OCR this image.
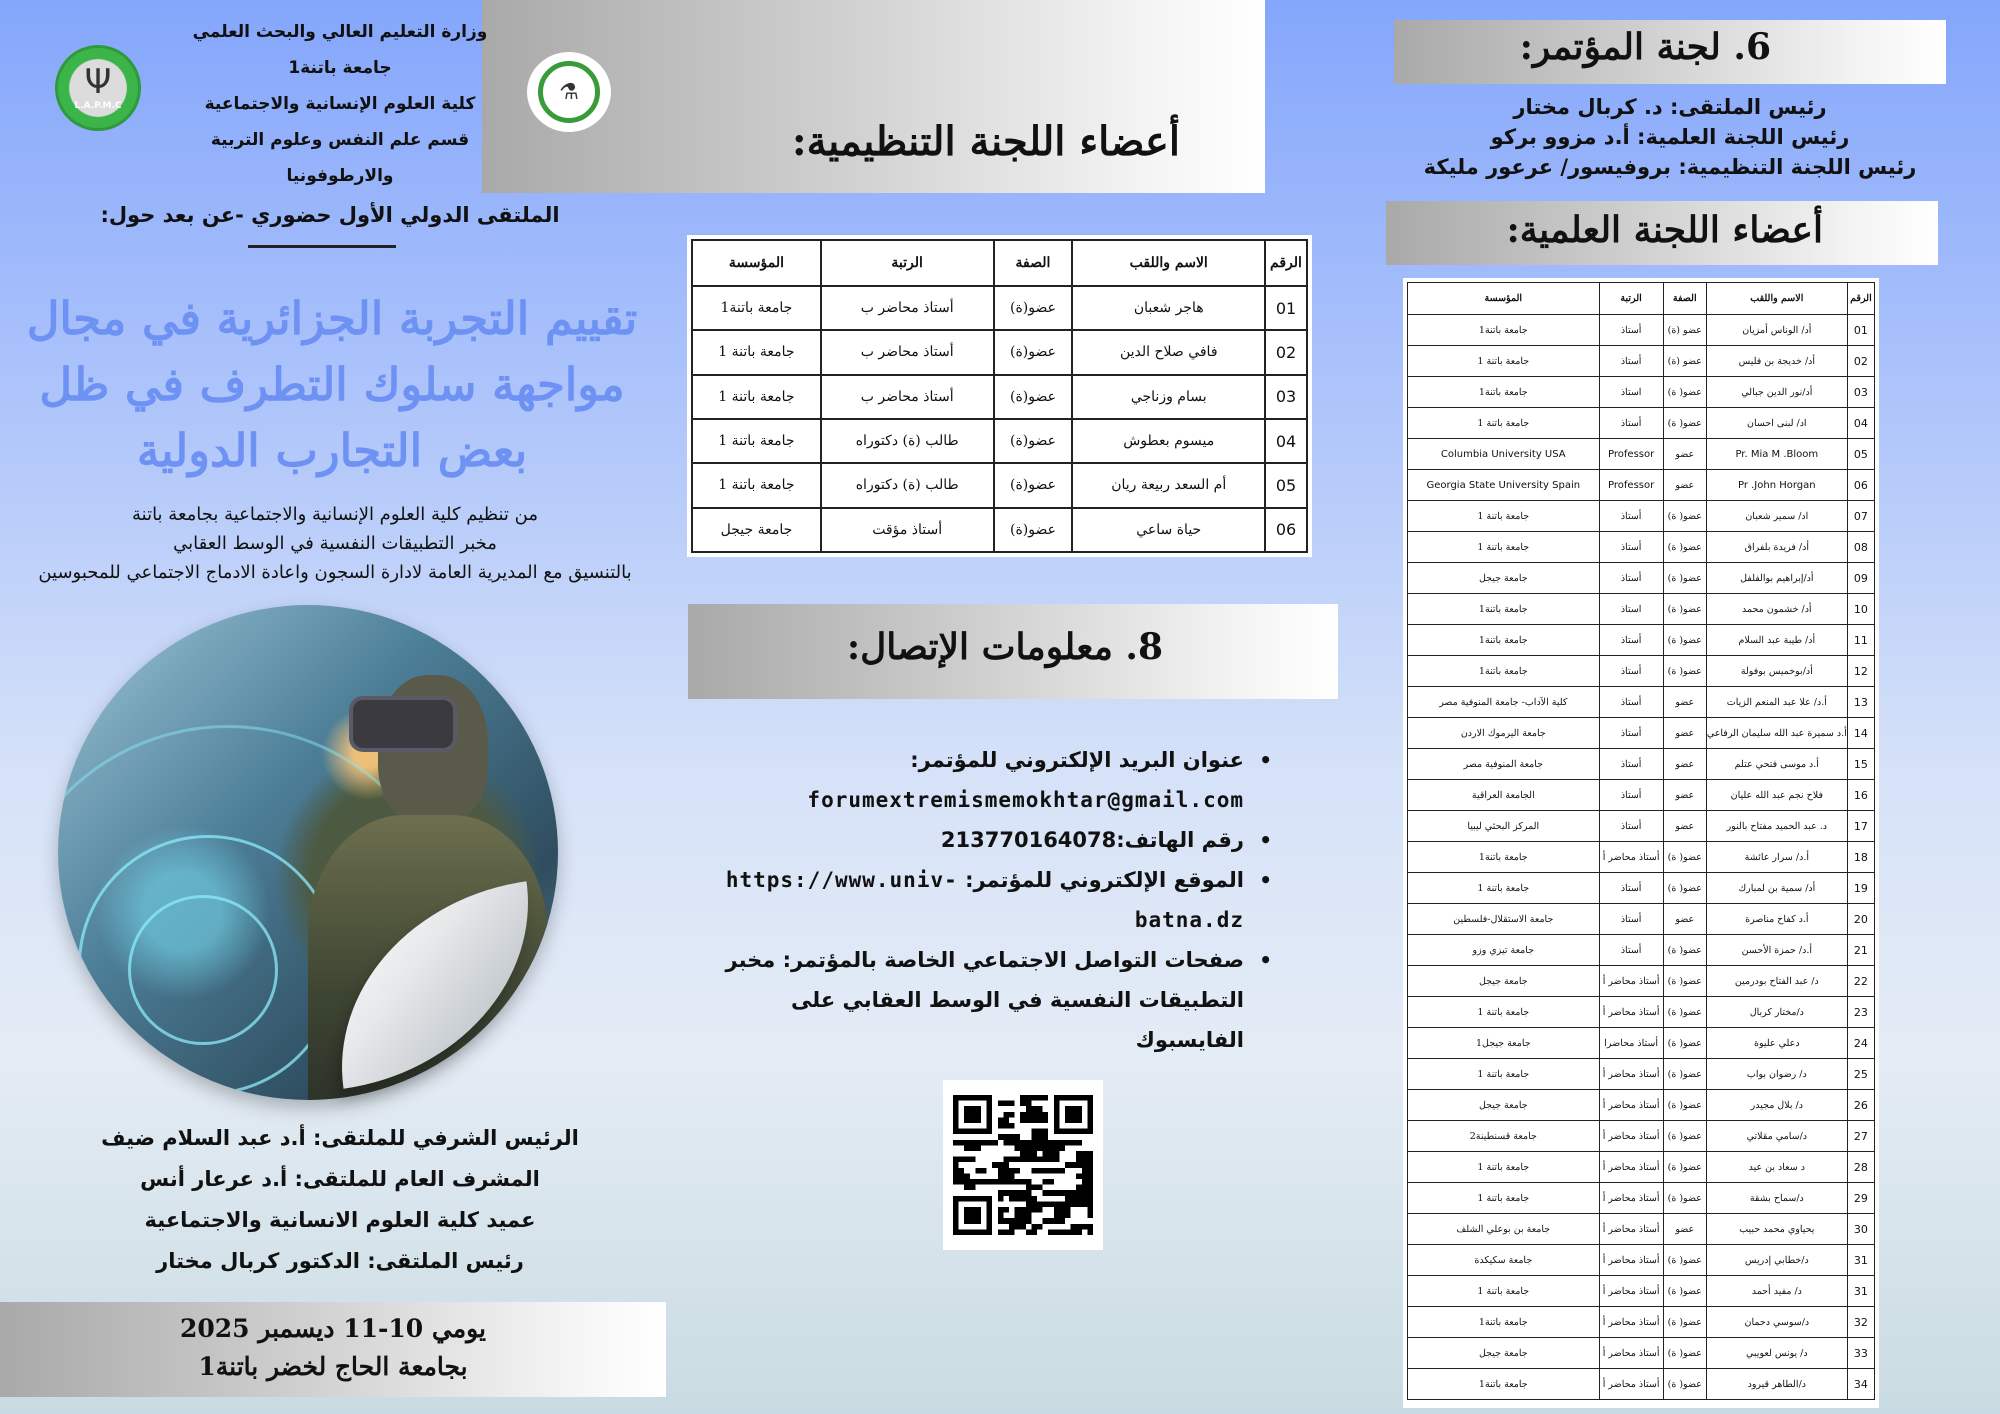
أعضاء اللجنة التنظيمية:
وزارة التعليم العالي والبحث العلمي
جامعة باتنة1
كلية العلوم الإنسانية والاجتماعية
قسم علم النفس وعلوم التربية والارطوفونيا
Ψ
L.A.P.M.C
⚗
الملتقى الدولي الأول حضوري -عن بعد حول:
تقييم التجربة الجزائرية في مجال مواجهة سلوك التطرف في ظل بعض التجارب الدولية
من تنظيم كلية العلوم الإنسانية والاجتماعية بجامعة باتنة
مخبر التطبيقات النفسية في الوسط العقابي
بالتنسيق مع المديرية العامة لادارة السجون واعادة الادماج الاجتماعي للمحبوسين
الرئيس الشرفي للملتقى: أ.د عبد السلام ضيف
المشرف العام للملتقى: أ.د عرعار أنس
عميد كلية العلوم الانسانية والاجتماعية
رئيس الملتقى: الدكتور كربال مختار
يومي 10-11 ديسمبر 2025
بجامعة الحاج لخضر باتنة1
الرقم	الاسم واللقب	الصفة	الرتبة	المؤسسة
01	هاجر شعبان	عضو(ة)	أستاذ محاضر ب	جامعة باتنة1
02	فافي صلاح الدين	عضو(ة)	أستاذ محاضر ب	جامعة باتنة 1
03	بسام وزناجي	عضو(ة)	أستاذ محاضر ب	جامعة باتنة 1
04	ميسوم بعطوش	عضو(ة)	طالب (ة) دكتوراه	جامعة باتنة 1
05	أم السعد ربيعة ريان	عضو(ة)	طالب (ة) دكتوراه	جامعة باتنة 1
06	حياة ساعي	عضو(ة)	أستاذ مؤقت	جامعة جيجل
8. معلومات الإتصال:
•
عنوان البريد الإلكتروني للمؤتمر:
forumextremismemokhtar@gmail.com
•
رقم الهاتف:213770164078
•
الموقع الإلكتروني للمؤتمر: https://www.univ-batna.dz
•
صفحات التواصل الاجتماعي الخاصة بالمؤتمر: مخبر التطبيقات النفسية في الوسط العقابي على الفايسبوك
6. لجنة المؤتمر:
رئيس الملتقى: د. كربال مختار
رئيس اللجنة العلمية: أ.د مزوو بركو
رئيس اللجنة التنظيمية: بروفيسور/ عرعور مليكة
أعضاء اللجنة العلمية:
الرقم	الاسم واللقب	الصفة	الرتبة	المؤسسة
01	أد/ الوناس أمزيان	عضو (ة)	أستاذ	جامعة باتنة1
02	أد/ خديجة بن فليس	عضو (ة)	أستاذ	جامعة باتنة 1
03	أد/نور الدين جبالي	عضو( ة)	استاذ	جامعة باتنة1
04	اد/ لبنى احسان	عضو( ة)	أستاذ	جامعة باتنة 1
05	Pr. Mia M .Bloom	عضو	Professor	Columbia University USA
06	Pr .John Horgan	عضو	Professor	Georgia State University Spain
07	اد/ سمير شعبان	عضو( ة)	أستاذ	جامعة باتنة 1
08	أد/ فريدة بلفراق	عضو( ة)	أستاذ	جامعة باتنة 1
09	أد/إبراهيم بوالفلفل	عضو( ة)	أستاذ	جامعة جيجل
10	أد/ خشمون محمد	عضو( ة)	استاذ	جامعة باتنة1
11	أد/ طيبة عبد السلام	عضو( ة)	أستاذ	جامعة باتنة1
12	أد/بوخميس بوفولة	عضو( ة)	أستاذ	جامعة باتنة1
13	أ.د/ علا عبد المنعم الزيات	عضو	أستاذ	كلية الآداب- جامعة المنوفية مصر
14	أ.د سميرة عبد الله سليمان الرفاعي	عضو	أستاذ	جامعة اليرموك الاردن
15	أ.د موسى فتحي عتلم	عضو	أستاذ	جامعة المنوفية مصر
16	فلاح نجم عبد الله عليان	عضو	أستاذ	الجامعة العراقية
17	د. عبد الحميد مفتاح بالنور	عضو	أستاذ	المركز البحثي ليبيا
18	أ.د/ سرار عائشة	عضو( ة)	أستاذ محاضر أ	جامعة باتنة1
19	أد/ سمية بن لمبارك	عضو( ة)	أستاذ	جامعة باتنة 1
20	أ.د كفاح مناصرة	عضو	أستاذ	جامعة الاستقلال-فلسطين
21	أ.د/ حمزة الأحسن	عضو( ة)	أستاذ	جامعة تيزي وزو
22	د/ عبد الفتاح بودرمين	عضو( ة)	أستاذ محاضر أ	جامعة جيجل
23	د/مختار كربال	عضو( ة)	أستاذ محاضر أ	جامعة باتنة 1
24	دعلي عليوة	عضو( ة)	أستاذ محاضرا	جامعة جيجل1
25	د/ رضوان بواب	عضو( ة)	أستاذ محاضر أ	جامعة باتنة 1
26	د/ بلال مجيدر	عضو( ة)	أستاذ محاضر أ	جامعة جيجل
27	د/سامي مقلاتي	عضو( ة)	أستاذ محاضر أ	جامعة قسنطينة2
28	د سعاد بن عيد	عضو( ة)	أستاذ محاضر أ	جامعة باتنة 1
29	د/سماح بشقة	عضو( ة)	أستاذ محاضر أ	جامعة باتنة 1
30	يحياوي محمد حبيب	عضو	أستاذ محاضر أ	جامعة بن بوعلي الشلف
31	د/خطابي إدريس	عضو( ة)	أستاذ محاضر أ	جامعة سكيكدة
31	د/ مفيد أحمد	عضو( ة)	أستاذ محاضر أ	جامعة باتنة 1
32	د/سوسي دحمان	عضو( ة)	أستاذ محاضر أ	جامعة باتنة1
33	د/ يونس لعويبي	عضو( ة)	أستاذ محاضر أ	جامعة جيجل
34	د/الطاهر قيرود	عضو( ة)	أستاذ محاضر أ	جامعة باتنة1
